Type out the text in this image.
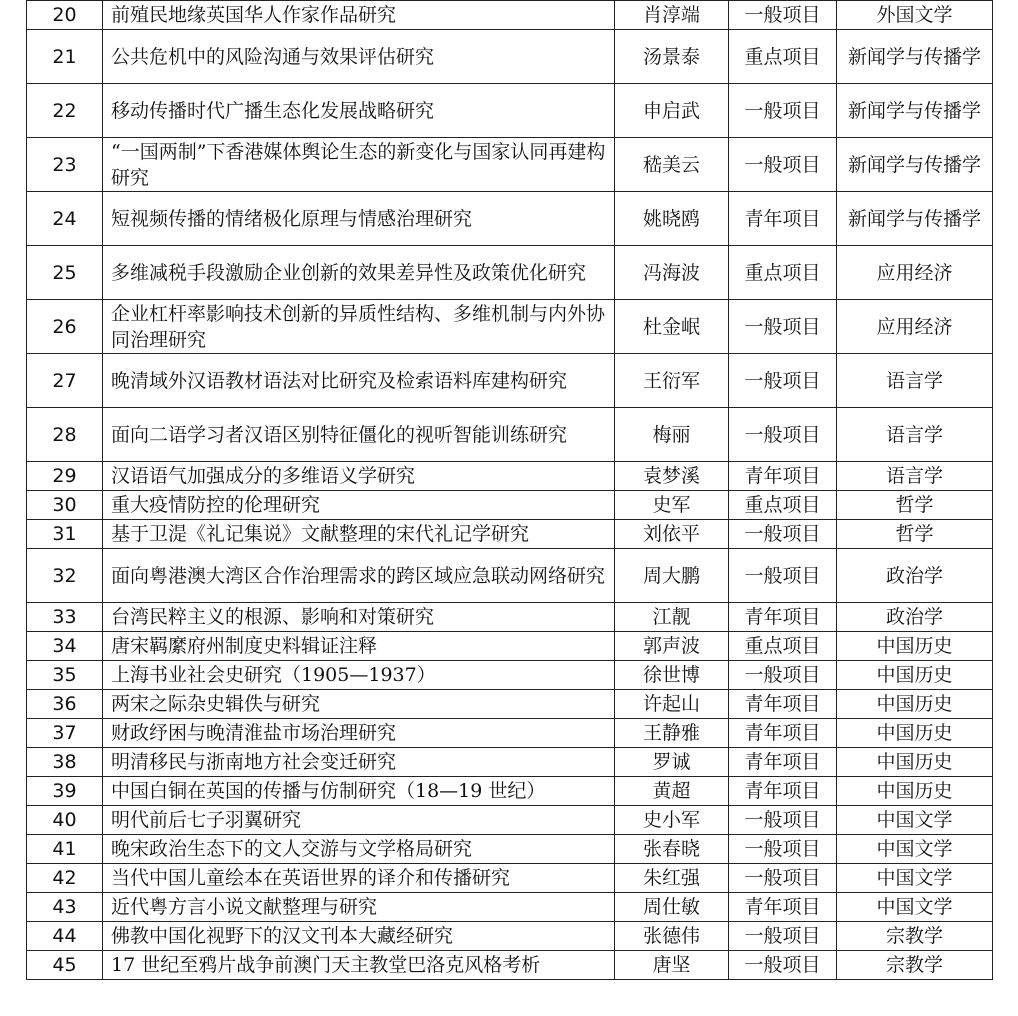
20	前殖民地缘英国华人作家作品研究	肖淳端	一般项目	外国文学
21	公共危机中的风险沟通与效果评估研究	汤景泰	重点项目	新闻学与传播学
22	移动传播时代广播生态化发展战略研究	申启武	一般项目	新闻学与传播学
23	“一国两制”下香港媒体舆论生态的新变化与国家认同再建构研究	嵇美云	一般项目	新闻学与传播学
24	短视频传播的情绪极化原理与情感治理研究	姚晓鸥	青年项目	新闻学与传播学
25	多维减税手段激励企业创新的效果差异性及政策优化研究	冯海波	重点项目	应用经济
26	企业杠杆率影响技术创新的异质性结构、多维机制与内外协同治理研究	杜金岷	一般项目	应用经济
27	晚清域外汉语教材语法对比研究及检索语料库建构研究	王衍军	一般项目	语言学
28	面向二语学习者汉语区别特征僵化的视听智能训练研究	梅丽	一般项目	语言学
29	汉语语气加强成分的多维语义学研究	袁梦溪	青年项目	语言学
30	重大疫情防控的伦理研究	史军	重点项目	哲学
31	基于卫湜《礼记集说》文献整理的宋代礼记学研究	刘依平	一般项目	哲学
32	面向粤港澳大湾区合作治理需求的跨区域应急联动网络研究	周大鹏	一般项目	政治学
33	台湾民粹主义的根源、影响和对策研究	江靓	青年项目	政治学
34	唐宋羁縻府州制度史料辑证注释	郭声波	重点项目	中国历史
35	上海书业社会史研究（1905—1937）	徐世博	一般项目	中国历史
36	两宋之际杂史辑佚与研究	许起山	青年项目	中国历史
37	财政纾困与晚清淮盐市场治理研究	王静雅	青年项目	中国历史
38	明清移民与浙南地方社会变迁研究	罗诚	青年项目	中国历史
39	中国白铜在英国的传播与仿制研究（18—19 世纪）	黄超	青年项目	中国历史
40	明代前后七子羽翼研究	史小军	一般项目	中国文学
41	晚宋政治生态下的文人交游与文学格局研究	张春晓	一般项目	中国文学
42	当代中国儿童绘本在英语世界的译介和传播研究	朱红强	一般项目	中国文学
43	近代粤方言小说文献整理与研究	周仕敏	青年项目	中国文学
44	佛教中国化视野下的汉文刊本大藏经研究	张德伟	一般项目	宗教学
45	17 世纪至鸦片战争前澳门天主教堂巴洛克风格考析	唐坚	一般项目	宗教学
